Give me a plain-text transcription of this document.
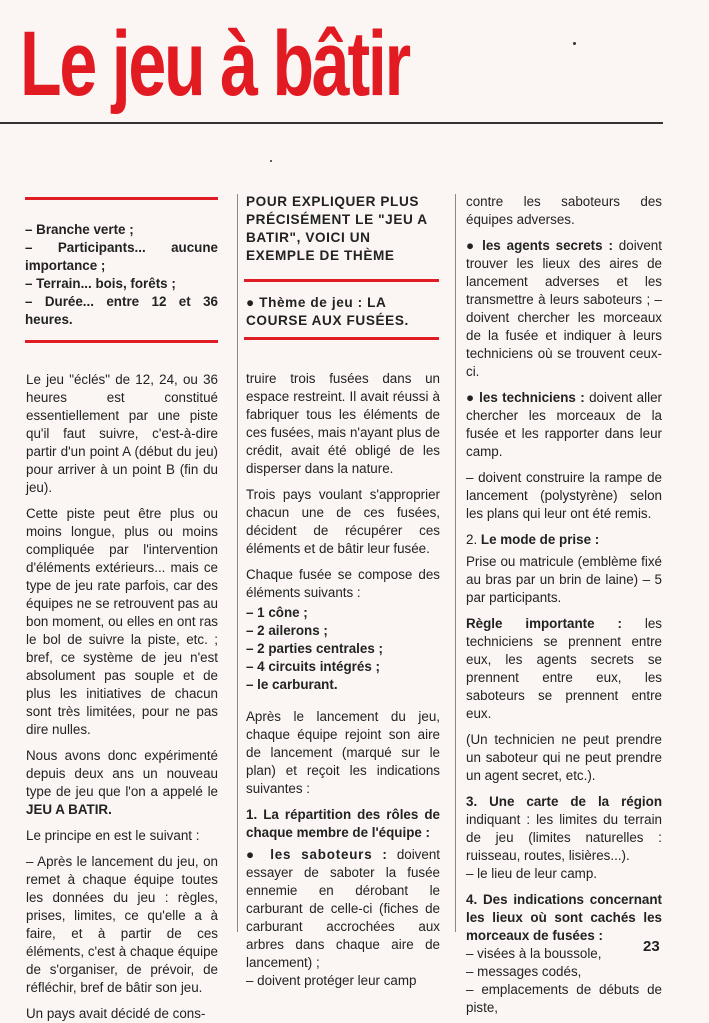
Le jeu à bâtir
– Branche verte ;
– Participants... aucune importance ;
– Terrain... bois, forêts ;
– Durée... entre 12 et 36 heures.

Le jeu "éclés" de 12, 24, ou 36 heures est constitué essentiellement par une piste qu'il faut suivre, c'est-à-dire partir d'un point A (début du jeu) pour arriver à un point B (fin du jeu).

Cette piste peut être plus ou moins longue, plus ou moins compliquée par l'intervention d'éléments extérieurs... mais ce type de jeu rate parfois, car des équipes ne se retrouvent pas au bon moment, ou elles en ont ras le bol de suivre la piste, etc. ; bref, ce système de jeu n'est absolument pas souple et de plus les initiatives de chacun sont très limitées, pour ne pas dire nulles.

Nous avons donc expérimenté depuis deux ans un nouveau type de jeu que l'on a appelé le JEU A BATIR.

Le principe en est le suivant :

– Après le lancement du jeu, on remet à chaque équipe toutes les données du jeu : règles, prises, limites, ce qu'elle a à faire, et à partir de ces éléments, c'est à chaque équipe de s'organiser, de prévoir, de réfléchir, bref de bâtir son jeu.

Un pays avait décidé de cons-

POUR EXPLIQUER PLUS PRÉCISÉMENT LE "JEU A BATIR", VOICI UN EXEMPLE DE THÈME
● Thème de jeu : LA COURSE AUX FUSÉES.

truire trois fusées dans un espace restreint. Il avait réussi à fabriquer tous les éléments de ces fusées, mais n'ayant plus de crédit, avait été obligé de les disperser dans la nature.

Trois pays voulant s'approprier chacun une de ces fusées, décident de récupérer ces éléments et de bâtir leur fusée.

Chaque fusée se compose des éléments suivants :

– 1 cône ;
– 2 ailerons ;
– 2 parties centrales ;
– 4 circuits intégrés ;
– le carburant.

Après le lancement du jeu, chaque équipe rejoint son aire de lancement (marqué sur le plan) et reçoit les indications suivantes :

1. La répartition des rôles de chaque membre de l'équipe :

● les saboteurs : doivent essayer de saboter la fusée ennemie en dérobant le carburant de celle-ci (fiches de carburant accrochées aux arbres dans chaque aire de lancement) ;

– doivent protéger leur camp

contre les saboteurs des équipes adverses.

● les agents secrets : doivent trouver les lieux des aires de lancement adverses et les transmettre à leurs saboteurs ; – doivent chercher les morceaux de la fusée et indiquer à leurs techniciens où se trouvent ceux-ci.

● les techniciens : doivent aller chercher les morceaux de la fusée et les rapporter dans leur camp.

– doivent construire la rampe de lancement (polystyrène) selon les plans qui leur ont été remis.

2. Le mode de prise :

Prise ou matricule (emblème fixé au bras par un brin de laine) – 5 par participants.

Règle importante : les techniciens se prennent entre eux, les agents secrets se prennent entre eux, les saboteurs se prennent entre eux.

(Un technicien ne peut prendre un saboteur qui ne peut prendre un agent secret, etc.).

3. Une carte de la région indiquant : les limites du terrain de jeu (limites naturelles : ruisseau, routes, lisières...).

– le lieu de leur camp.

4. Des indications concernant les lieux où sont cachés les morceaux de fusées :

– visées à la boussole,
– messages codés,
– emplacements de débuts de piste,
23
